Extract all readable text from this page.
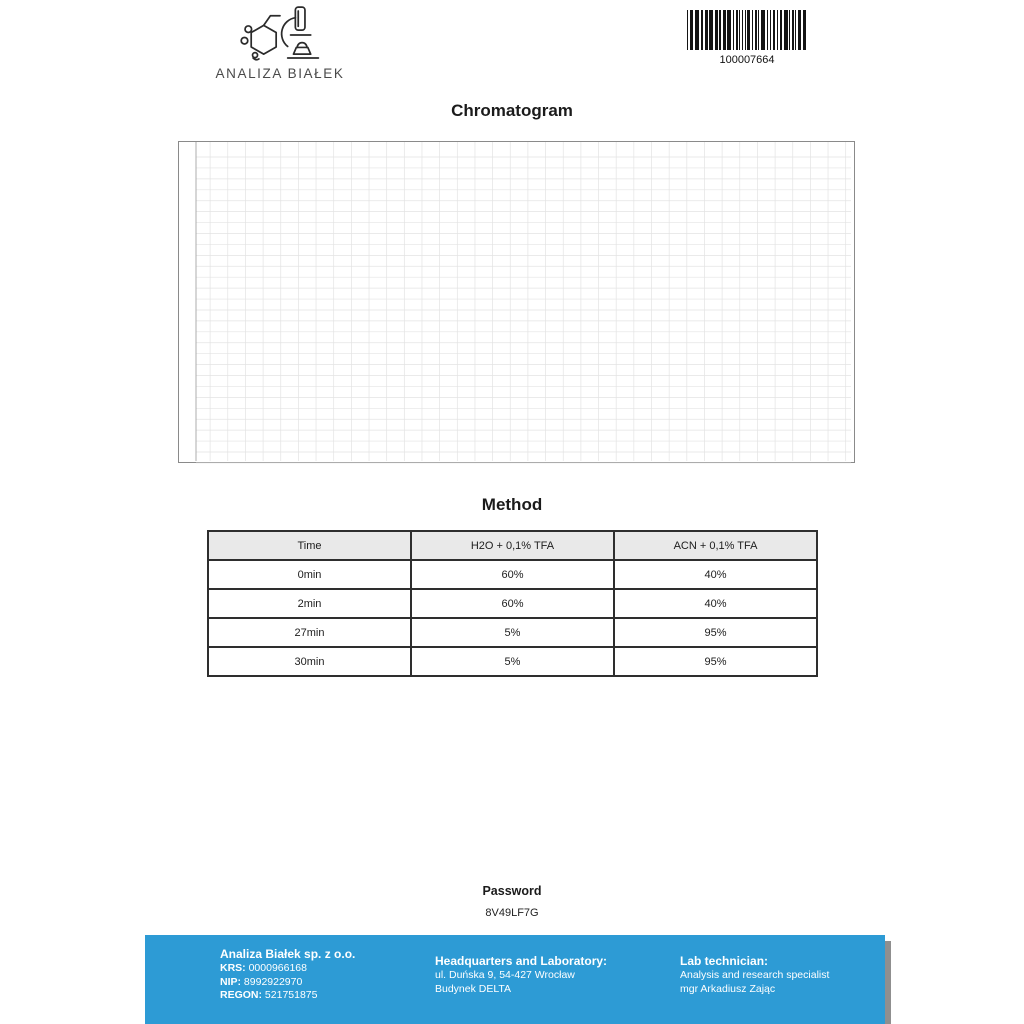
ANALIZA BIAŁEK
100007664
Chromatogram
Method
Time	H2O + 0,1% TFA	ACN + 0,1% TFA
0min	60%	40%
2min	60%	40%
27min	5%	95%
30min	5%	95%
Password
8V49LF7G
Analiza Białek sp. z o.o.
KRS: 0000966168
NIP: 8992922970
REGON: 521751875
Headquarters and Laboratory:
ul. Duńska 9, 54-427 Wrocław
Budynek DELTA
Lab technician:
Analysis and research specialist
mgr Arkadiusz Zając
